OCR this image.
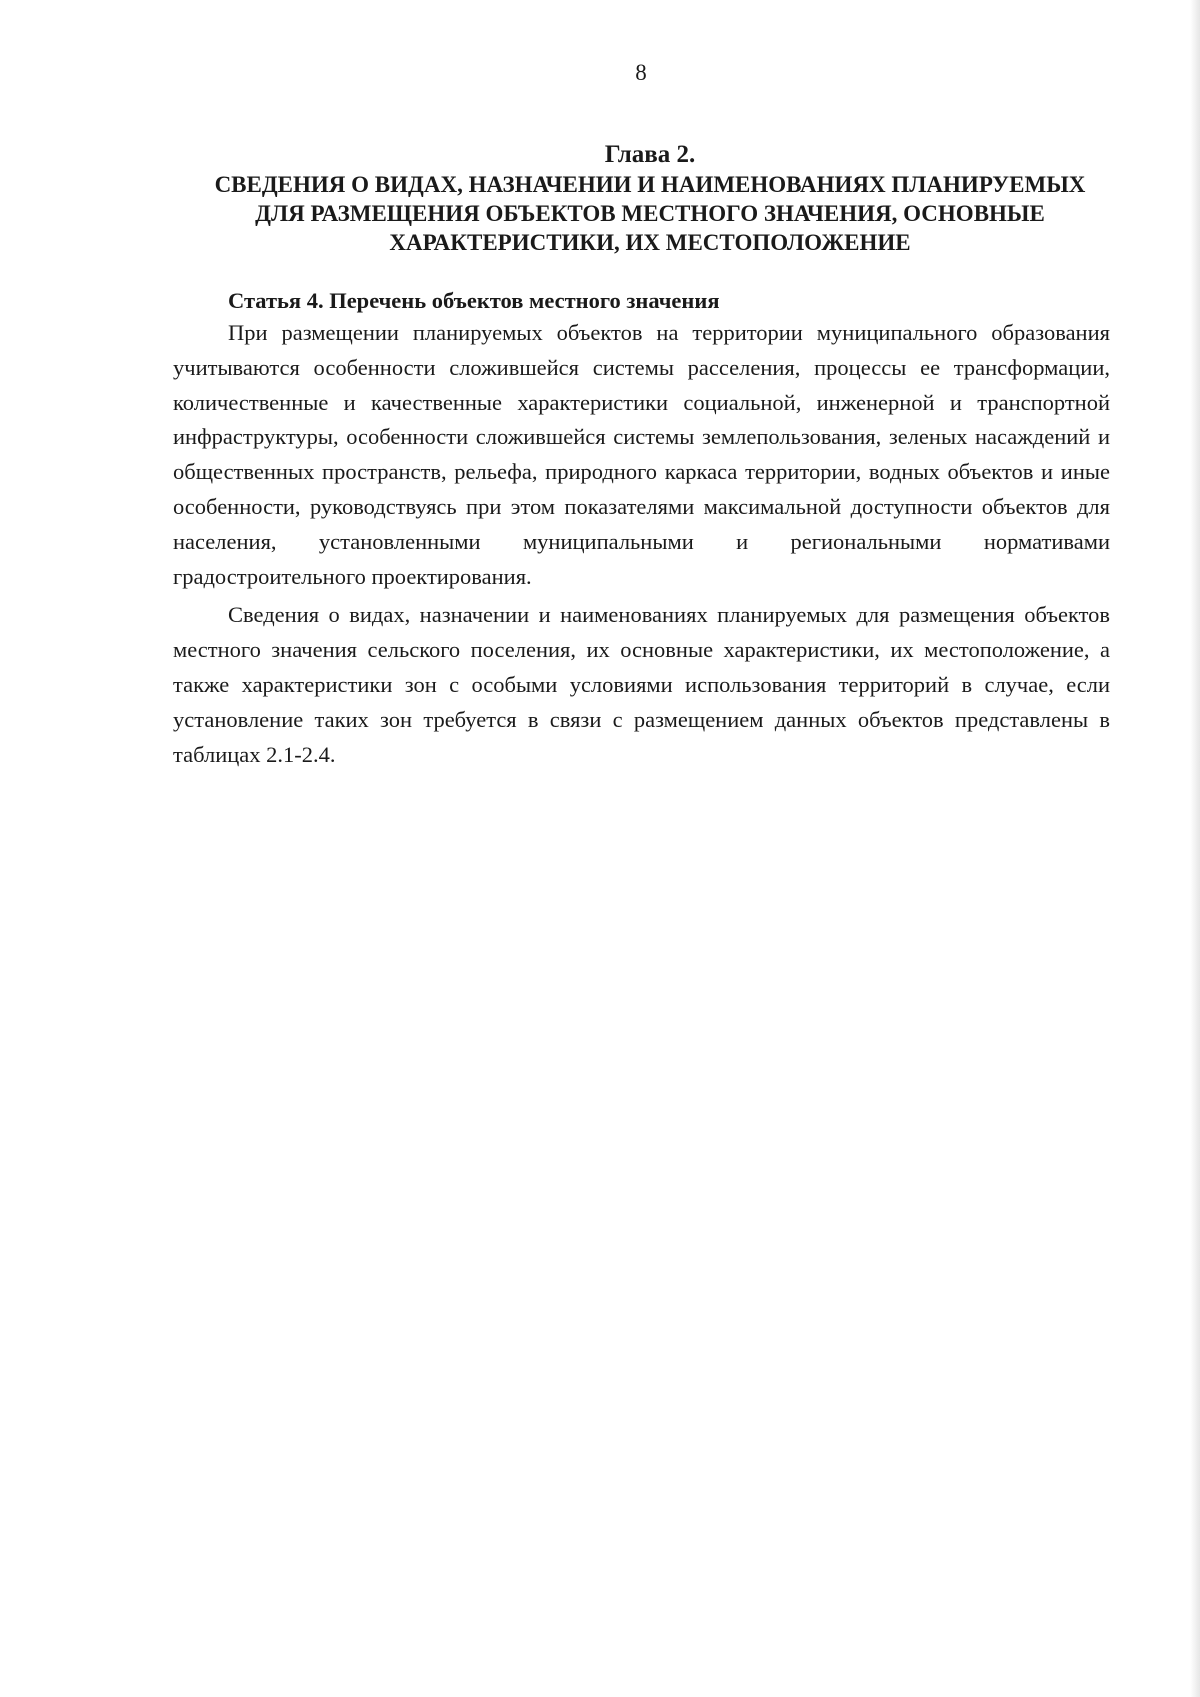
8
Глава 2.
СВЕДЕНИЯ О ВИДАХ, НАЗНАЧЕНИИ И НАИМЕНОВАНИЯХ ПЛАНИРУЕМЫХ
ДЛЯ РАЗМЕЩЕНИЯ ОБЪЕКТОВ МЕСТНОГО ЗНАЧЕНИЯ, ОСНОВНЫЕ
ХАРАКТЕРИСТИКИ, ИХ МЕСТОПОЛОЖЕНИЕ

Статья 4. Перечень объектов местного значения

При размещении планируемых объектов на территории муниципального образования учитываются особенности сложившейся системы расселения, процессы ее трансформации, количественные и качественные характеристики социальной, инженерной и транспортной инфраструктуры, особенности сложившейся системы землепользования, зеленых насаждений и общественных пространств, рельефа, природного каркаса территории, водных объектов и иные особенности, руководствуясь при этом показателями максимальной доступности объектов для населения, установленными муниципальными и региональными нормативами градостроительного проектирования.

Сведения о видах, назначении и наименованиях планируемых для размещения объектов местного значения сельского поселения, их основные характеристики, их местоположение, а также характеристики зон с особыми условиями использования территорий в случае, если установление таких зон требуется в связи с размещением данных объектов представлены в таблицах 2.1-2.4.
